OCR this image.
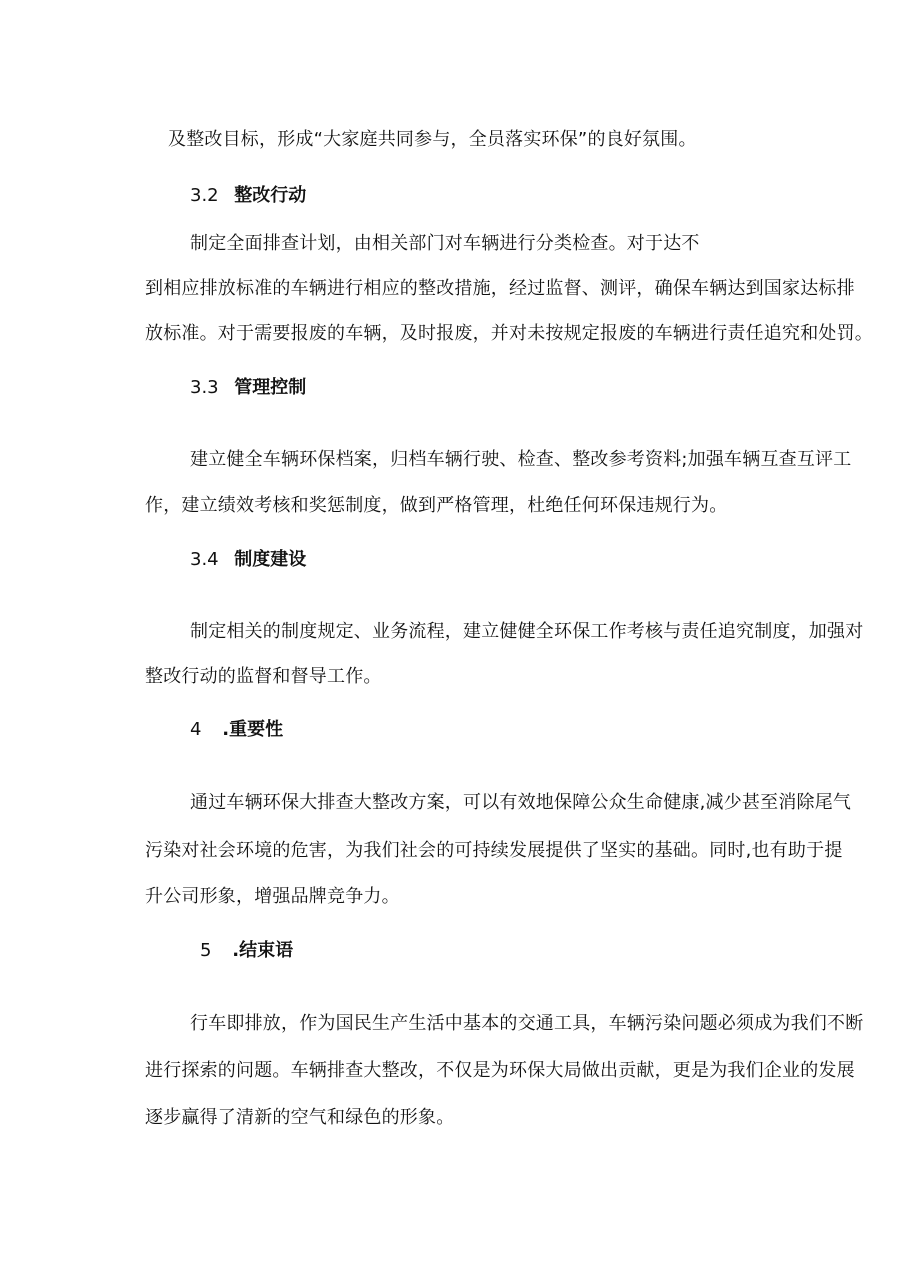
及整改目标，形成“大家庭共同参与，全员落实环保”的良好氛围。
3.2 整改行动
制定全面排查计划，由相关部门对车辆进行分类检查。对于达不
到相应排放标准的车辆进行相应的整改措施，经过监督、测评，确保车辆达到国家达标排
放标准。对于需要报废的车辆，及时报废，并对未按规定报废的车辆进行责任追究和处罚。
3.3 管理控制
建立健全车辆环保档案，归档车辆行驶、检查、整改参考资料;加强车辆互查互评工
作，建立绩效考核和奖惩制度，做到严格管理，杜绝任何环保违规行为。
3.4 制度建设
制定相关的制度规定、业务流程，建立健健全环保工作考核与责任追究制度，加强对
整改行动的监督和督导工作。
4 .重要性
通过车辆环保大排查大整改方案，可以有效地保障公众生命健康,减少甚至消除尾气
污染对社会环境的危害，为我们社会的可持续发展提供了坚实的基础。同时,也有助于提
升公司形象，增强品牌竞争力。
5 .结束语
行车即排放，作为国民生产生活中基本的交通工具，车辆污染问题必须成为我们不断
进行探索的问题。车辆排查大整改，不仅是为环保大局做出贡献，更是为我们企业的发展
逐步赢得了清新的空气和绿色的形象。
